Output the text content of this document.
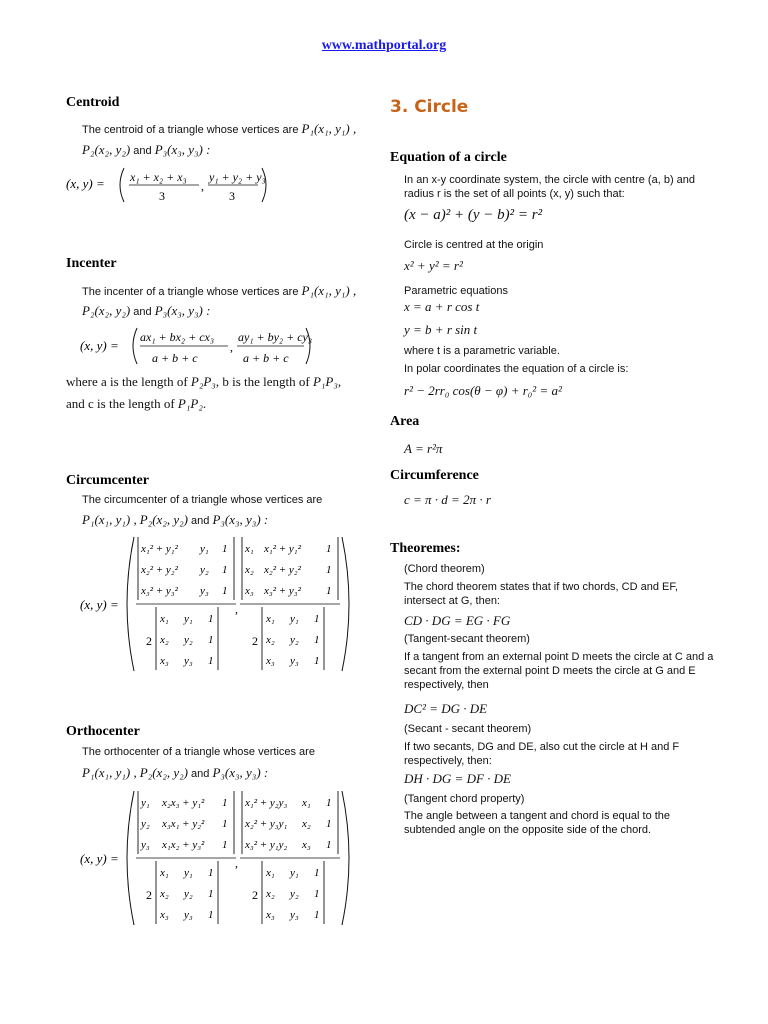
www.mathportal.org
Centroid
The centroid of a triangle whose vertices are P₁(x₁, y₁) ,
P₂(x₂, y₂) and P₃(x₃, y₃) :
(x, y) = x₁ + x₂ + x₃
3
,
y₁ + y₂ + y₃
3
Incenter
The incenter of a triangle whose vertices are P₁(x₁, y₁) ,
P₂(x₂, y₂) and P₃(x₃, y₃) :
(x, y) =
ax₁ + bx₂ + cx₃
a + b + c
,
ay₁ + by₂ + cy₃
a + b + c
where a is the length of P₂P₃, b is the length of P₁P₃,
and c is the length of P₁P₂.
Circumcenter
The circumcenter of a triangle whose vertices are
P₁(x₁, y₁) , P₂(x₂, y₂) and P₃(x₃, y₃) :
(x, y) =
x₁² + y₁² y₁ 1
x₂² + y₂² y₂ 1
x₃² + y₃² y₃ 1
x₁ x₁² + y₁² 1
x₂ x₂² + y₂² 1
x₃ x₃² + y₃² 1
,
2	2
x₁ y₁ 1
x₂ y₂ 1
x₃ y₃ 1
x₁ y₁ 1
x₂ y₂ 1
x₃ y₃ 1
Orthocenter
The orthocenter of a triangle whose vertices are
P₁(x₁, y₁) , P₂(x₂, y₂) and P₃(x₃, y₃) :
(x, y) =
y₁ x₂x₃ + y₁² 1
y₂ x₃x₁ + y₂² 1
y₃ x₁x₂ + y₃² 1
x₁² + y₂y₃ x₁ 1
x₂² + y₃y₁ x₂ 1
x₃² + y₁y₂ x₃ 1
,
2	2
x₁ y₁ 1
x₂ y₂ 1
x₃ y₃ 1
x₁ y₁ 1
x₂ y₂ 1
x₃ y₃ 1
3. Circle
Equation of a circle
In an x-y coordinate system, the circle with centre (a, b) and radius r is the set of all points (x, y) such that:
(x − a)² + (y − b)² = r²
Circle is centred at the origin
x² + y² = r²
Parametric equations
x = a + r cos t
y = b + r sin t
where t is a parametric variable.
In polar coordinates the equation of a circle is:
r² − 2rr₀ cos(θ − φ) + r₀² = a²
Area
A = r²π
Circumference
c = π · d = 2π · r
Theoremes:
(Chord theorem)
The chord theorem states that if two chords, CD and EF, intersect at G, then:
CD · DG = EG · FG
(Tangent-secant theorem)
If a tangent from an external point D meets the circle at C and a secant from the external point D meets the circle at G and E respectively, then
DC² = DG · DE
(Secant - secant theorem)
If two secants, DG and DE, also cut the circle at H and F respectively, then:
DH · DG = DF · DE
(Tangent chord property)
The angle between a tangent and chord is equal to the subtended angle on the opposite side of the chord.
